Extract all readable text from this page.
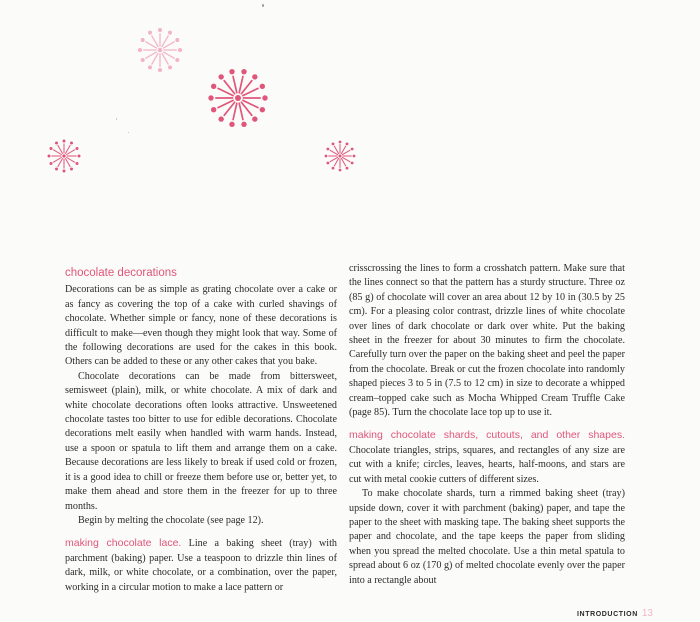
chocolate decorations

Decorations can be as simple as grating chocolate over a cake or as fancy as covering the top of a cake with curled shavings of chocolate. Whether simple or fancy, none of these decorations is difficult to make—even though they might look that way. Some of the following decorations are used for the cakes in this book. Others can be added to these or any other cakes that you bake.

Chocolate decorations can be made from bittersweet, semisweet (plain), milk, or white chocolate. A mix of dark and white chocolate decorations often looks attractive. Unsweetened chocolate tastes too bitter to use for edible decorations. Chocolate decorations melt easily when handled with warm hands. Instead, use a spoon or spatula to lift them and arrange them on a cake. Because decorations are less likely to break if used cold or frozen, it is a good idea to chill or freeze them before use or, better yet, to make them ahead and store them in the freezer for up to three months.

Begin by melting the chocolate (see page 12).

making chocolate lace. Line a baking sheet (tray) with parchment (baking) paper. Use a teaspoon to drizzle thin lines of dark, milk, or white chocolate, or a combination, over the paper, working in a circular motion to make a lace pattern or

crisscrossing the lines to form a crosshatch pattern. Make sure that the lines connect so that the pattern has a sturdy structure. Three oz (85 g) of chocolate will cover an area about 12 by 10 in (30.5 by 25 cm). For a pleasing color contrast, drizzle lines of white chocolate over lines of dark chocolate or dark over white. Put the baking sheet in the freezer for about 30 minutes to firm the chocolate. Carefully turn over the paper on the baking sheet and peel the paper from the chocolate. Break or cut the frozen chocolate into randomly shaped pieces 3 to 5 in (7.5 to 12 cm) in size to decorate a whipped cream–topped cake such as Mocha Whipped Cream Truffle Cake (page 85). Turn the chocolate lace top up to use it.

making chocolate shards, cutouts, and other shapes. Chocolate triangles, strips, squares, and rectangles of any size are cut with a knife; circles, leaves, hearts, half-moons, and stars are cut with metal cookie cutters of different sizes.

To make chocolate shards, turn a rimmed baking sheet (tray) upside down, cover it with parchment (baking) paper, and tape the paper to the sheet with masking tape. The baking sheet supports the paper and chocolate, and the tape keeps the paper from sliding when you spread the melted chocolate. Use a thin metal spatula to spread about 6 oz (170 g) of melted chocolate evenly over the paper into a rectangle about

INTRODUCTION 13
